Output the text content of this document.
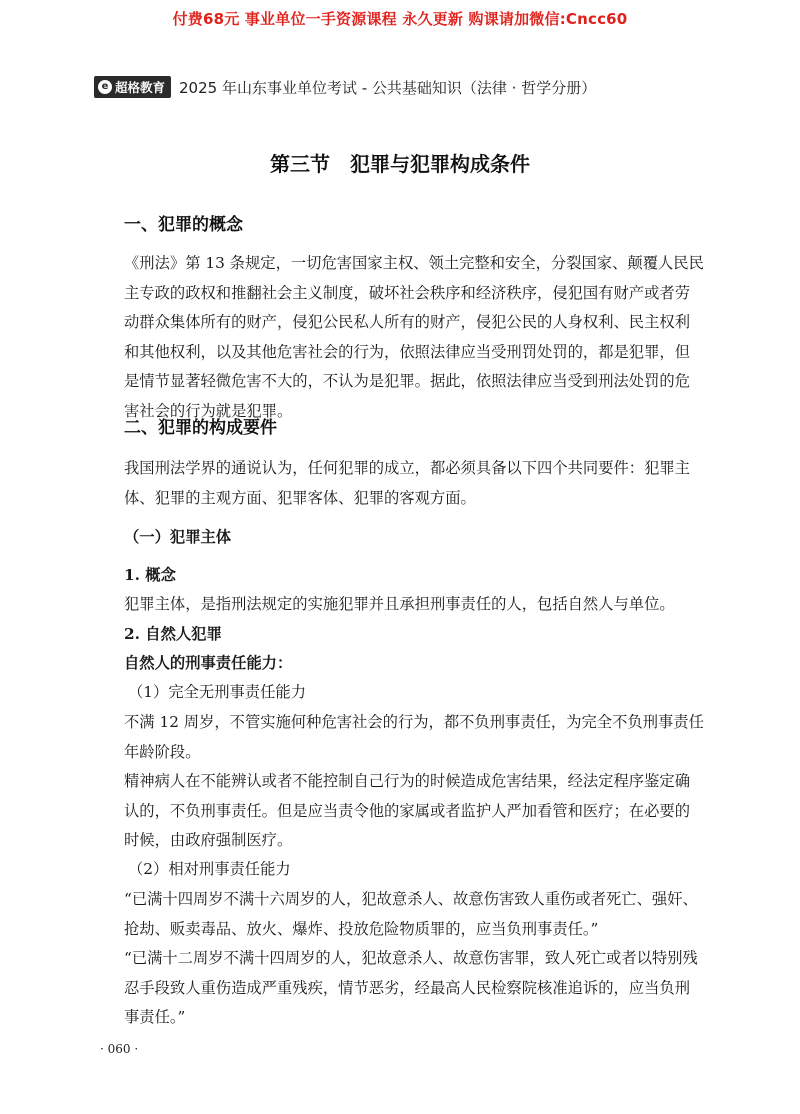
付费68元 事业单位一手资源课程 永久更新 购课请加微信:Cncc60
e 超格教育 2025 年山东事业单位考试 - 公共基础知识（法律 · 哲学分册）
第三节　犯罪与犯罪构成条件
一、犯罪的概念
《刑法》第 13 条规定，一切危害国家主权、领土完整和安全，分裂国家、颠覆人民民主专政的政权和推翻社会主义制度，破坏社会秩序和经济秩序，侵犯国有财产或者劳动群众集体所有的财产，侵犯公民私人所有的财产，侵犯公民的人身权利、民主权利和其他权利，以及其他危害社会的行为，依照法律应当受刑罚处罚的，都是犯罪，但是情节显著轻微危害不大的，不认为是犯罪。据此，依照法律应当受到刑法处罚的危害社会的行为就是犯罪。
二、犯罪的构成要件
我国刑法学界的通说认为，任何犯罪的成立，都必须具备以下四个共同要件：犯罪主体、犯罪的主观方面、犯罪客体、犯罪的客观方面。
（一）犯罪主体
1. 概念
犯罪主体，是指刑法规定的实施犯罪并且承担刑事责任的人，包括自然人与单位。
2. 自然人犯罪
自然人的刑事责任能力：
（1）完全无刑事责任能力
不满 12 周岁，不管实施何种危害社会的行为，都不负刑事责任，为完全不负刑事责任年龄阶段。
精神病人在不能辨认或者不能控制自己行为的时候造成危害结果，经法定程序鉴定确认的，不负刑事责任。但是应当责令他的家属或者监护人严加看管和医疗；在必要的时候，由政府强制医疗。
（2）相对刑事责任能力
“已满十四周岁不满十六周岁的人，犯故意杀人、故意伤害致人重伤或者死亡、强奸、抢劫、贩卖毒品、放火、爆炸、投放危险物质罪的，应当负刑事责任。”
“已满十二周岁不满十四周岁的人，犯故意杀人、故意伤害罪，致人死亡或者以特别残忍手段致人重伤造成严重残疾，情节恶劣，经最高人民检察院核准追诉的，应当负刑事责任。”
· 060 ·
